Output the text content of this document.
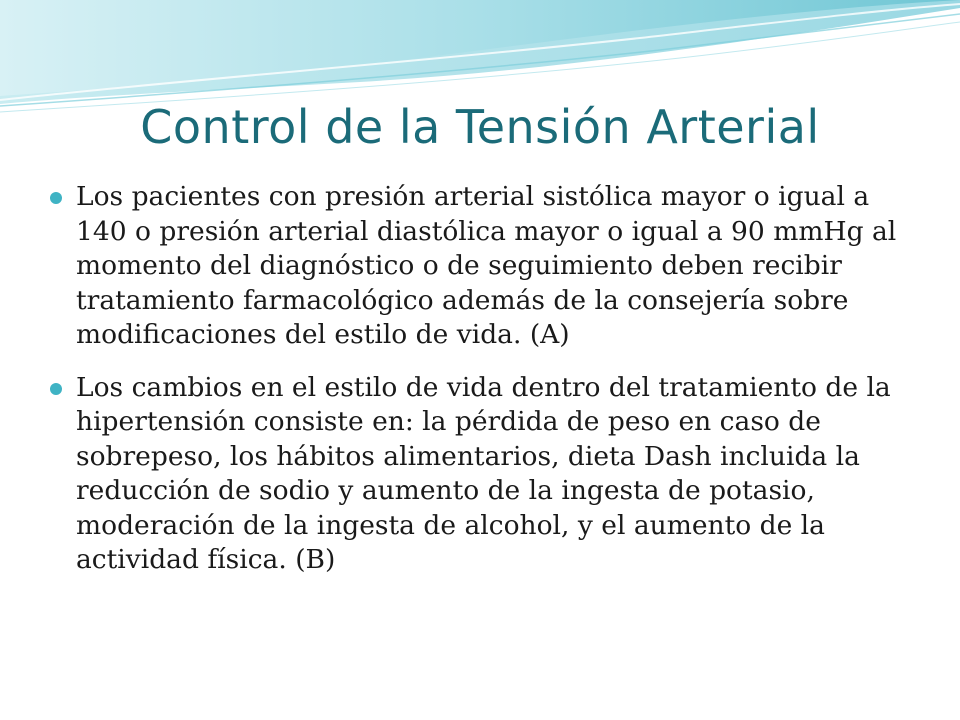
Control de la Tensión Arterial
Los pacientes con presión arterial sistólica mayor o igual a 140 o presión arterial diastólica mayor o igual a 90 mmHg al momento del diagnóstico o de seguimiento deben recibir tratamiento farmacológico además de la consejería sobre modificaciones del estilo de vida. (A)
Los cambios en el estilo de vida dentro del tratamiento de la hipertensión consiste en: la pérdida de peso en caso de sobrepeso, los hábitos alimentarios, dieta Dash incluida la reducción de sodio y aumento de la ingesta de potasio, moderación de la ingesta de alcohol, y el aumento de la actividad física. (B)
